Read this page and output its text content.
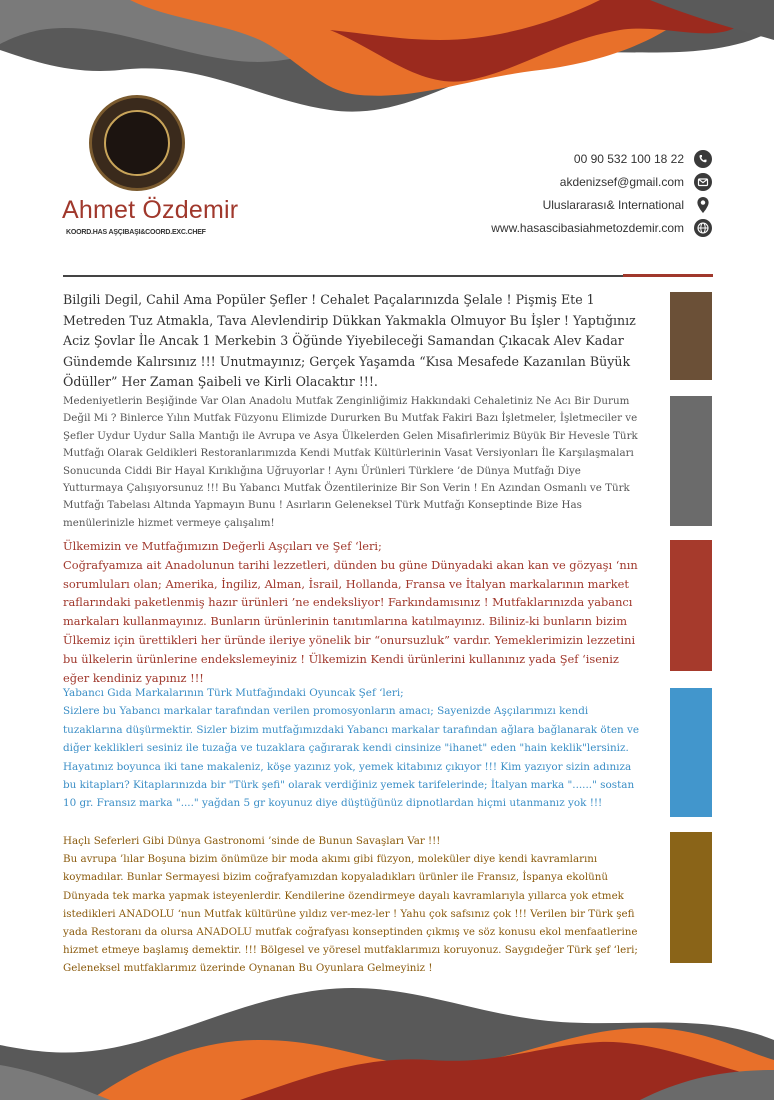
Ahmet Özdemir
KOORD.HAS AŞÇIBAŞI&COORD.EXC.CHEF
00 90 532 100 18 22
akdenizsef@gmail.com
Uluslararası& International
www.hasascibasiahmetozdemir.com

Bilgili Degil, Cahil Ama Popüler Şefler ! Cehalet Paçalarınızda Şelale ! Pişmiş Ete 1 Metreden Tuz Atmakla, Tava Alevlendirip Dükkan Yakmakla Olmuyor Bu İşler ! Yaptığınız Aciz Şovlar İle Ancak 1 Merkebin 3 Öğünde Yiyebileceği Samandan Çıkacak Alev Kadar Gündemde Kalırsınız !!! Unutmayınız; Gerçek Yaşamda “Kısa Mesafede Kazanılan Büyük Ödüller” Her Zaman Şaibeli ve Kirli Olacaktır !!!.

Medeniyetlerin Beşiğinde Var Olan Anadolu Mutfak Zenginliğimiz Hakkındaki Cehaletiniz Ne Acı Bir Durum Değil Mi ? Binlerce Yılın Mutfak Füzyonu Elimizde Dururken Bu Mutfak Fakiri Bazı İşletmeler, İşletmeciler ve Şefler Uydur Uydur Salla Mantığı ile Avrupa ve Asya Ülkelerden Gelen Misafirlerimiz Büyük Bir Hevesle Türk Mutfağı Olarak Geldikleri Restoranlarımızda Kendi Mutfak Kültürlerinin Vasat Versiyonları İle Karşılaşmaları Sonucunda Ciddi Bir Hayal Kırıklığına Uğruyorlar ! Aynı Ürünleri Türklere ’de Dünya Mutfağı Diye Yutturmaya Çalışıyorsunuz !!! Bu Yabancı Mutfak Özentilerinize Bir Son Verin ! En Azından Osmanlı ve Türk Mutfağı Tabelası Altında Yapmayın Bunu ! Asırların Geleneksel Türk Mutfağı Konseptinde Bize Has menülerinizle hizmet vermeye çalışalım!

Ülkemizin ve Mutfağımızın Değerli Aşçıları ve Şef ‘leri;

Coğrafyamıza ait Anadolunun tarihi lezzetleri, dünden bu güne Dünyadaki akan kan ve gözyaşı ‘nın sorumluları olan; Amerika, İngiliz, Alman, İsrail, Hollanda, Fransa ve İtalyan markalarının market raflarındaki paketlenmiş hazır ürünleri ’ne endeksliyor! Farkındamısınız ! Mutfaklarınızda yabancı markaları kullanmayınız. Bunların ürünlerinin tanıtımlarına katılmayınız. Biliniz-ki bunların bizim Ülkemiz için ürettikleri her üründe ileriye yönelik bir “onursuzluk” vardır. Yemeklerimizin lezzetini bu ülkelerin ürünlerine endekslemeyiniz ! Ülkemizin Kendi ürünlerini kullanınız yada Şef ‘iseniz eğer kendiniz yapınız !!!

Yabancı Gıda Markalarının Türk Mutfağındaki Oyuncak Şef ‘leri;

Sizlere bu Yabancı markalar tarafından verilen promosyonların amacı; Sayenizde Aşçılarımızı kendi tuzaklarına düşürmektir. Sizler bizim mutfağımızdaki Yabancı markalar tarafından ağlara bağlanarak öten ve diğer keklikleri sesiniz ile tuzağa ve tuzaklara çağırarak kendi cinsinize "ihanet" eden "hain keklik"lersiniz. Hayatınız boyunca iki tane makaleniz, köşe yazınız yok, yemek kitabınız çıkıyor !!! Kim yazıyor sizin adınıza bu kitapları? Kitaplarınızda bir "Türk şefi" olarak verdiğiniz yemek tarifelerinde; İtalyan marka "......" sostan 10 gr. Fransız marka "...." yağdan 5 gr koyunuz diye düştüğünüz dipnotlardan hiçmi utanmanız yok !!!

Haçlı Seferleri Gibi Dünya Gastronomi ’sinde de Bunun Savaşları Var !!!

Bu avrupa ’lılar Boşuna bizim önümüze bir moda akımı gibi füzyon, moleküler diye kendi kavramlarını koymadılar. Bunlar Sermayesi bizim coğrafyamızdan kopyaladıkları ürünler ile Fransız, İspanya ekolünü Dünyada tek marka yapmak isteyenlerdir. Kendilerine özendirmeye dayalı kavramlarıyla yıllarca yok etmek istedikleri ANADOLU ‘nun Mutfak kültürüne yıldız ver-mez-ler ! Yahu çok safsınız çok !!! Verilen bir Türk şefi yada Restoranı da olursa ANADOLU mutfak coğrafyası konseptinden çıkmış ve söz konusu ekol menfaatlerine hizmet etmeye başlamış demektir. !!! Bölgesel ve yöresel mutfaklarımızı koruyonuz. Saygıdeğer Türk şef ‘leri; Geleneksel mutfaklarımız üzerinde Oynanan Bu Oyunlara Gelmeyiniz !
